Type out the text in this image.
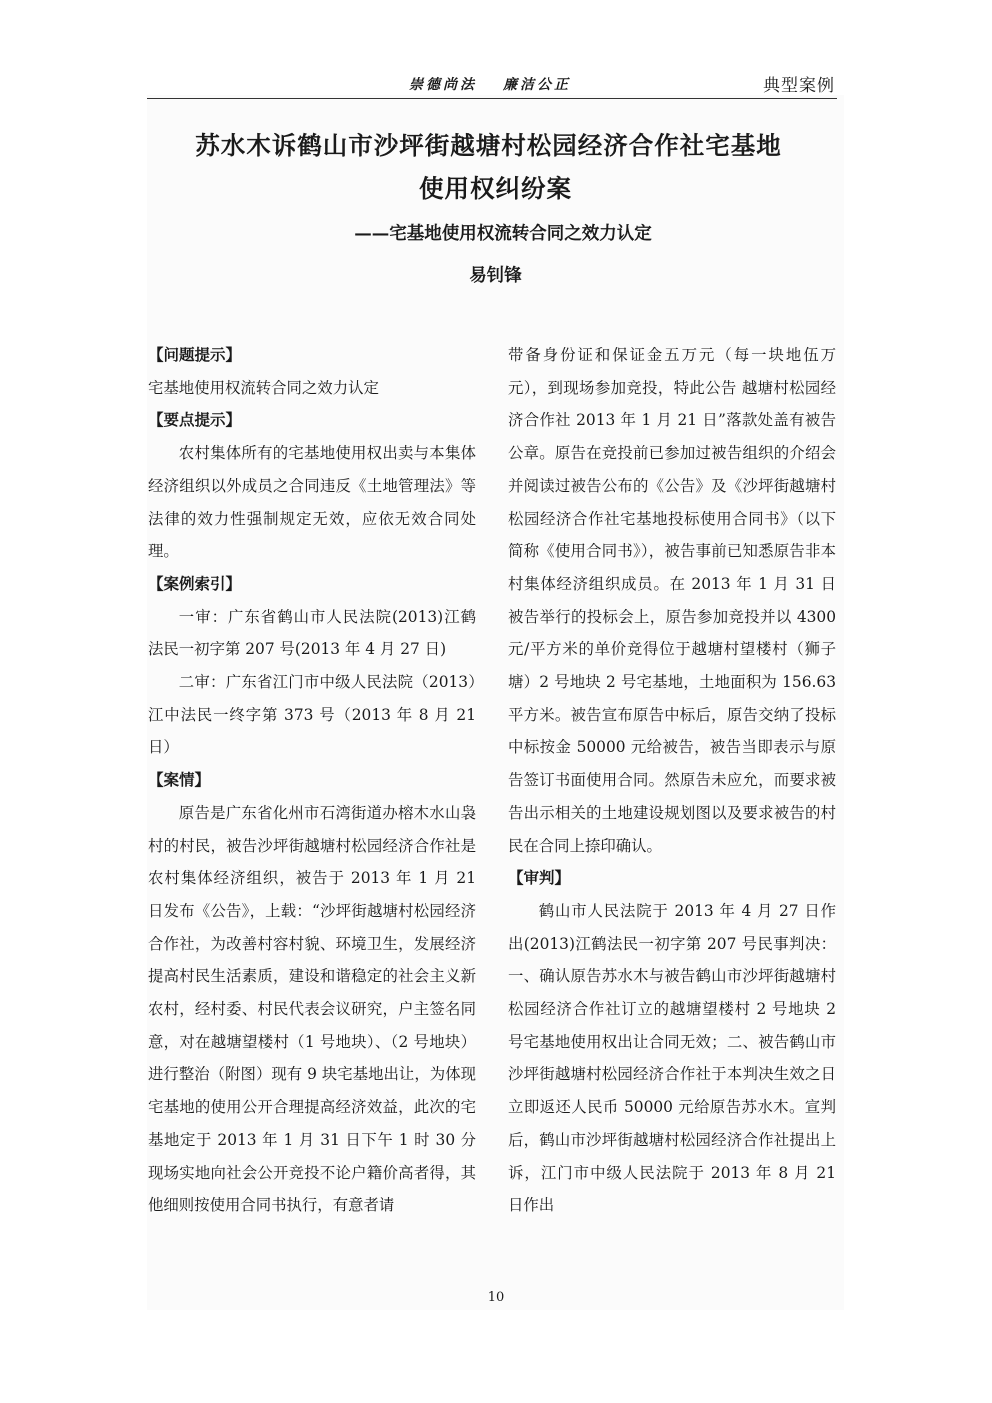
崇德尚法 廉洁公正	典型案例
苏水木诉鹤山市沙坪街越塘村松园经济合作社宅基地
使用权纠纷案
——宅基地使用权流转合同之效力认定
易钊锋

【问题提示】

宅基地使用权流转合同之效力认定

【要点提示】

农村集体所有的宅基地使用权出卖与本集体经济组织以外成员之合同违反《土地管理法》等法律的效力性强制规定无效，应依无效合同处理。

【案例索引】

一审：广东省鹤山市人民法院(2013)江鹤法民一初字第 207 号(2013 年 4 月 27 日)

二审：广东省江门市中级人民法院（2013）江中法民一终字第 373 号（2013 年 8 月 21 日）

【案情】

原告是广东省化州市石湾街道办榕木水山袅村的村民，被告沙坪街越塘村松园经济合作社是农村集体经济组织，被告于 2013 年 1 月 21 日发布《公告》，上载：“沙坪街越塘村松园经济合作社，为改善村容村貌、环境卫生，发展经济提高村民生活素质，建设和谐稳定的社会主义新农村，经村委、村民代表会议研究，户主签名同意，对在越塘望楼村（1 号地块）、（2 号地块）进行整治（附图）现有 9 块宅基地出让，为体现宅基地的使用公开合理提高经济效益，此次的宅基地定于 2013 年 1 月 31 日下午 1 时 30 分现场实地向社会公开竞投不论户籍价高者得，其他细则按使用合同书执行，有意者请

带备身份证和保证金五万元（每一块地伍万元），到现场参加竞投，特此公告 越塘村松园经济合作社 2013 年 1 月 21 日”落款处盖有被告公章。原告在竞投前已参加过被告组织的介绍会并阅读过被告公布的《公告》及《沙坪街越塘村松园经济合作社宅基地投标使用合同书》（以下简称《使用合同书》），被告事前已知悉原告非本村集体经济组织成员。在 2013 年 1 月 31 日被告举行的投标会上，原告参加竞投并以 4300 元/平方米的单价竞得位于越塘村望楼村（狮子塘）2 号地块 2 号宅基地，土地面积为 156.63 平方米。被告宣布原告中标后，原告交纳了投标中标按金 50000 元给被告，被告当即表示与原告签订书面使用合同。然原告未应允，而要求被告出示相关的土地建设规划图以及要求被告的村民在合同上捺印确认。

【审判】

鹤山市人民法院于 2013 年 4 月 27 日作出(2013)江鹤法民一初字第 207 号民事判决：一、确认原告苏水木与被告鹤山市沙坪街越塘村松园经济合作社订立的越塘望楼村 2 号地块 2 号宅基地使用权出让合同无效；二、被告鹤山市沙坪街越塘村松园经济合作社于本判决生效之日立即返还人民币 50000 元给原告苏水木。宣判后，鹤山市沙坪街越塘村松园经济合作社提出上诉，江门市中级人民法院于 2013 年 8 月 21 日作出

10
